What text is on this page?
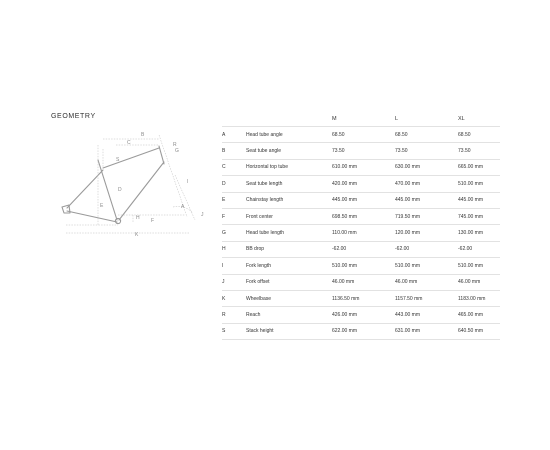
GEOMETRY
B
C
S
R
G
D
E
H
A
J
I
F
K
		M	L	XL
A	Head tube angle	68.50	68.50	68.50
B	Seat tube angle	73.50	73.50	73.50
C	Horizontal top tube	610.00 mm	630.00 mm	665.00 mm
D	Seat tube length	420.00 mm	470.00 mm	510.00 mm
E	Chainstay length	445.00 mm	445.00 mm	445.00 mm
F	Front center	698.50 mm	719.50 mm	745.00 mm
G	Head tube length	110.00 mm	120.00 mm	130.00 mm
H	BB drop	-62.00	-62.00	-62.00
I	Fork length	510.00 mm	510.00 mm	510.00 mm
J	Fork offset	46.00 mm	46.00 mm	46.00 mm
K	Wheelbase	1136.50 mm	1157.50 mm	1183.00 mm
R	Reach	426.00 mm	443.00 mm	465.00 mm
S	Stack height	622.00 mm	631.00 mm	640.50 mm
